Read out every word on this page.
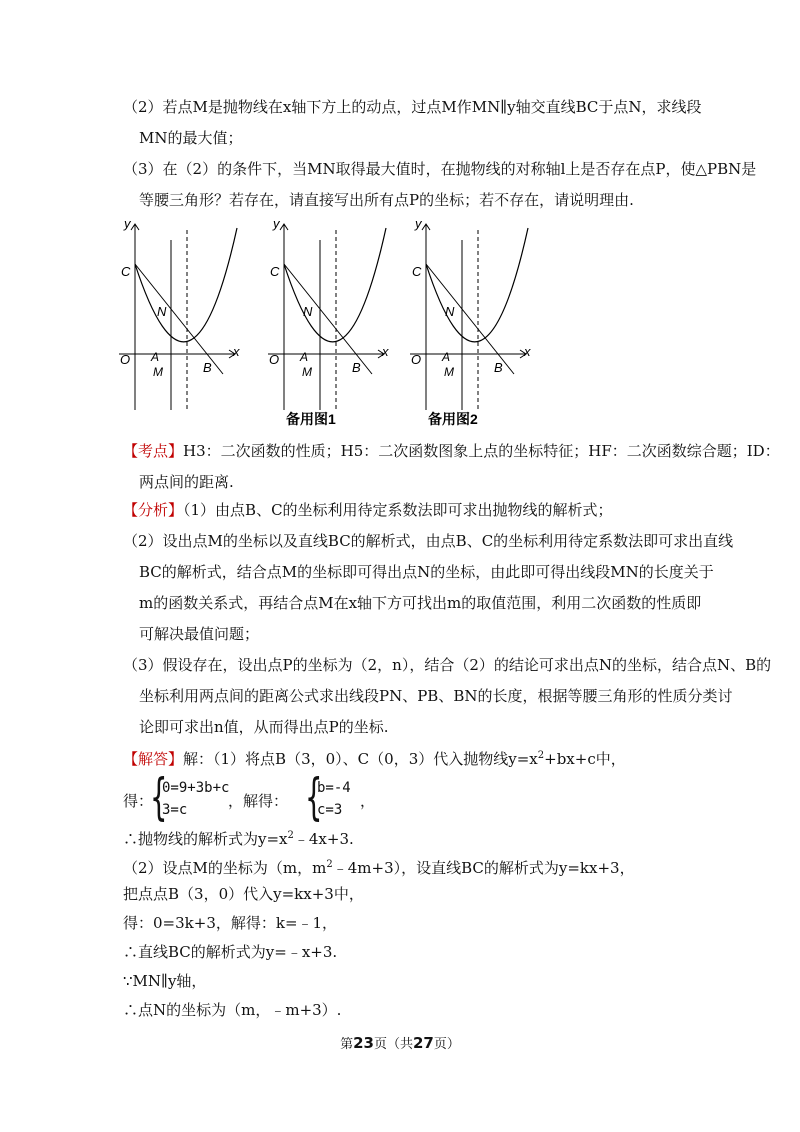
（2）若点M是抛物线在x轴下方上的动点，过点M作MN∥y轴交直线BC于点N，求线段
MN的最大值；
（3）在（2）的条件下，当MN取得最大值时，在抛物线的对称轴l上是否存在点P，使△PBN是
等腰三角形？若存在，请直接写出所有点P的坐标；若不存在，请说明理由.
y
x
C
O A
M
N
B
y
x
C
O A
M
N
B
y
x
C
O A
M
N
B
备用图1	备用图2
【考点】H3：二次函数的性质；H5：二次函数图象上点的坐标特征；HF：二次函数综合题；ID：
两点间的距离.
【分析】（1）由点B、C的坐标利用待定系数法即可求出抛物线的解析式；
（2）设出点M的坐标以及直线BC的解析式，由点B、C的坐标利用待定系数法即可求出直线
BC的解析式，结合点M的坐标即可得出点N的坐标，由此即可得出线段MN的长度关于
m的函数关系式，再结合点M在x轴下方可找出m的取值范围，利用二次函数的性质即
可解决最值问题；
（3）假设存在，设出点P的坐标为（2，n），结合（2）的结论可求出点N的坐标，结合点N、B的
坐标利用两点间的距离公式求出线段PN、PB、BN的长度，根据等腰三角形的性质分类讨
论即可求出n值，从而得出点P的坐标.
【解答】解：（1）将点B（3，0）、C（0，3）代入抛物线$y=x^2+bx+c$中，
得：
{
0=9+3b+c
3=c	，解得： {
b=-4
c=3 ，
∴抛物线的解析式为$y=x^2﹣4x+3$.
（2）设点M的坐标为（m，$m^2﹣4m+3$），设直线BC的解析式为y=kx+3，
把点点B（3，0）代入y=kx+3中，
得：0=3k+3，解得：k=﹣1，
∴直线BC的解析式为y=﹣x+3.
∵MN∥y轴，
∴点N的坐标为（m，﹣m+3）.
第23页（共27页）
